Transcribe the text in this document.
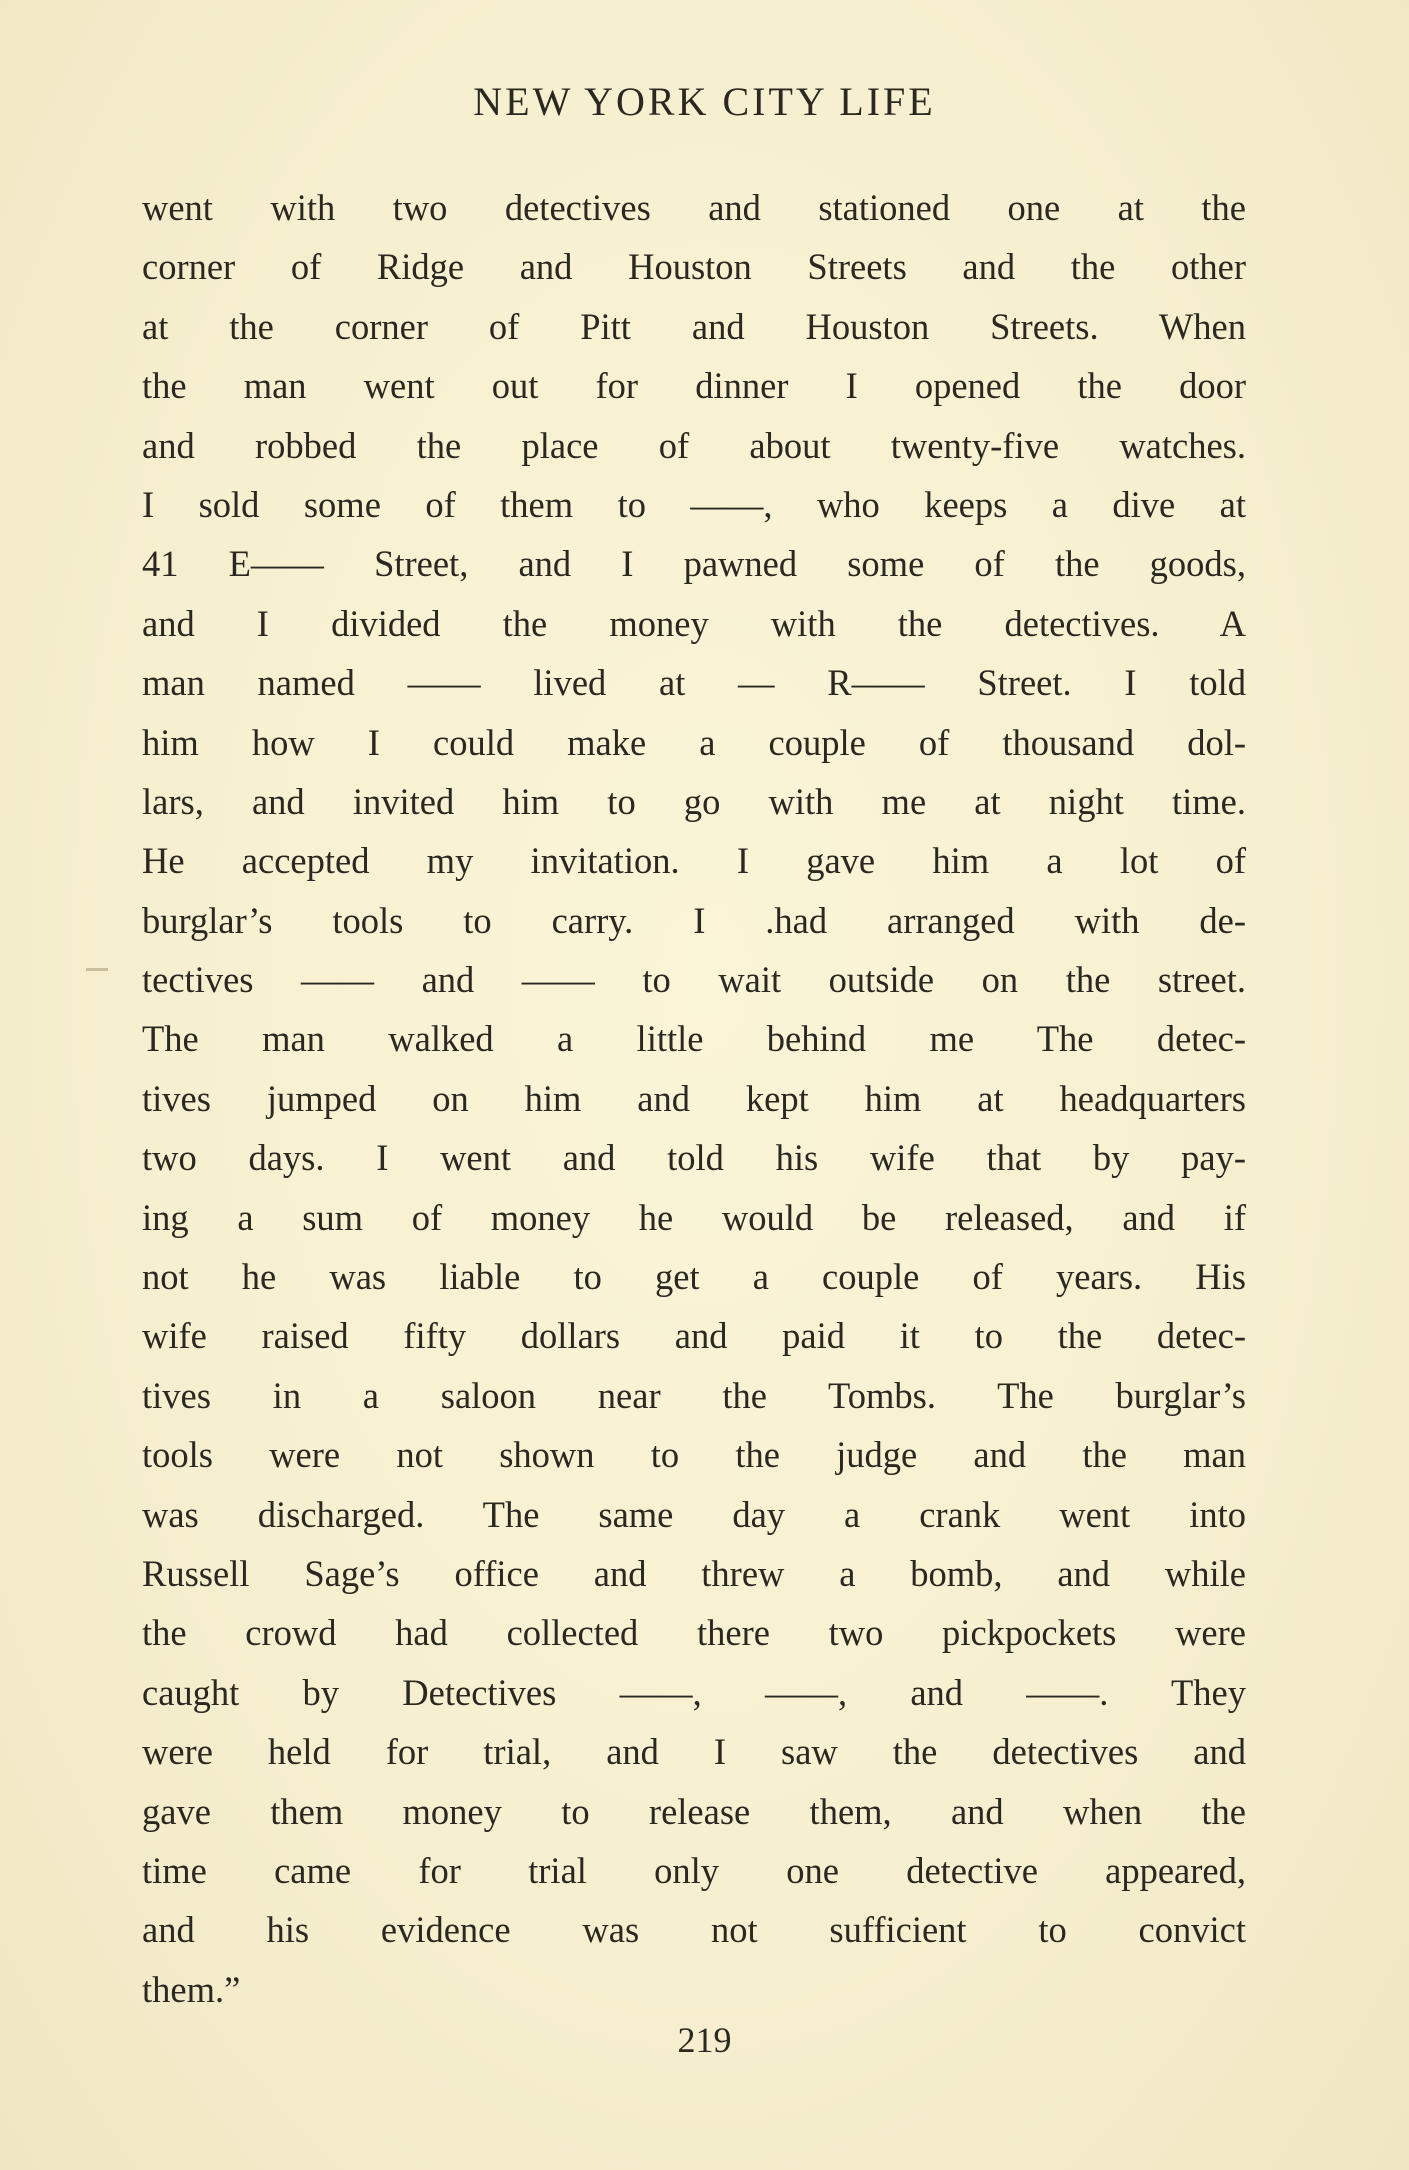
NEW YORK CITY LIFE
went with two detectives and stationed one at the
corner of Ridge and Houston Streets and the other
at the corner of Pitt and Houston Streets. When
the man went out for dinner I opened the door
and robbed the place of about twenty-five watches.
I sold some of them to ——, who keeps a dive at
41 E—— Street, and I pawned some of the goods,
and I divided the money with the detectives. A
man named —— lived at — R—— Street. I told
him how I could make a couple of thousand dol-
lars, and invited him to go with me at night time.
He accepted my invitation. I gave him a lot of
burglar’s tools to carry. I .had arranged with de-
tectives —— and —— to wait outside on the street.
The man walked a little behind me The detec-
tives jumped on him and kept him at headquarters
two days. I went and told his wife that by pay-
ing a sum of money he would be released, and if
not he was liable to get a couple of years. His
wife raised fifty dollars and paid it to the detec-
tives in a saloon near the Tombs. The burglar’s
tools were not shown to the judge and the man
was discharged. The same day a crank went into
Russell Sage’s office and threw a bomb, and while
the crowd had collected there two pickpockets were
caught by Detectives ——, ——, and ——. They
were held for trial, and I saw the detectives and
gave them money to release them, and when the
time came for trial only one detective appeared,
and his evidence was not sufficient to convict
them.”
219
